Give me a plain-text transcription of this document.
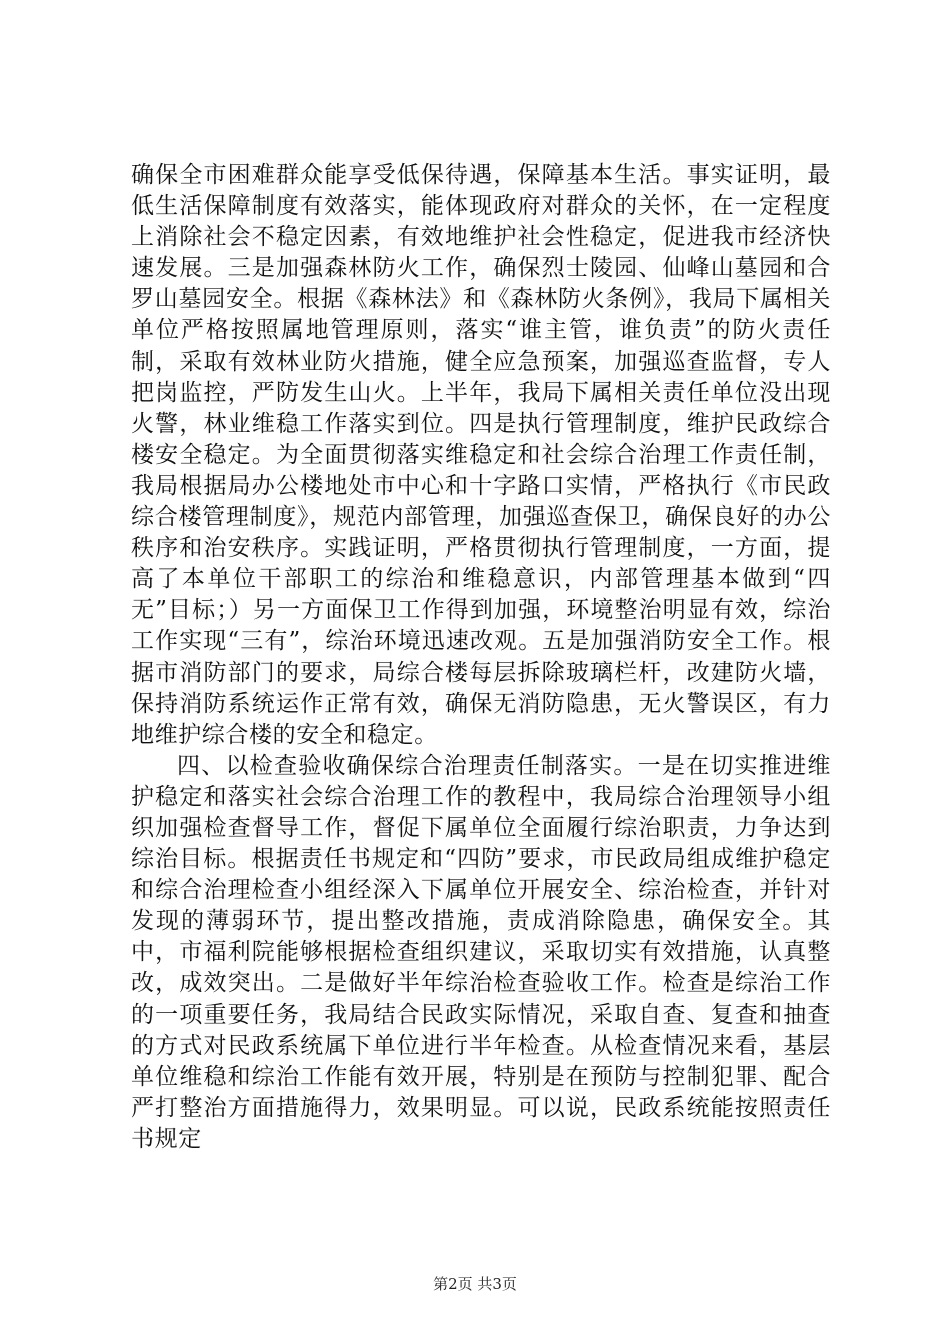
确保全市困难群众能享受低保待遇，保障基本生活。事实证明，最低生活保障制度有效落实，能体现政府对群众的关怀，在一定程度上消除社会不稳定因素，有效地维护社会性稳定，促进我市经济快速发展。三是加强森林防火工作，确保烈士陵园、仙峰山墓园和合罗山墓园安全。根据《森林法》和《森林防火条例》，我局下属相关单位严格按照属地管理原则，落实“谁主管，谁负责”的防火责任制，采取有效林业防火措施，健全应急预案，加强巡查监督，专人把岗监控，严防发生山火。上半年，我局下属相关责任单位没出现火警，林业维稳工作落实到位。四是执行管理制度，维护民政综合楼安全稳定。为全面贯彻落实维稳定和社会综合治理工作责任制，我局根据局办公楼地处市中心和十字路口实情，严格执行《市民政综合楼管理制度》，规范内部管理，加强巡查保卫，确保良好的办公秩序和治安秩序。实践证明，严格贯彻执行管理制度，一方面，提高了本单位干部职工的综治和维稳意识，内部管理基本做到“四无”目标；）另一方面保卫工作得到加强，环境整治明显有效，综治工作实现“三有”，综治环境迅速改观。五是加强消防安全工作。根据市消防部门的要求，局综合楼每层拆除玻璃栏杆，改建防火墙，保持消防系统运作正常有效，确保无消防隐患，无火警误区，有力地维护综合楼的安全和稳定。

四、以检查验收确保综合治理责任制落实。一是在切实推进维护稳定和落实社会综合治理工作的教程中，我局综合治理领导小组织加强检查督导工作，督促下属单位全面履行综治职责，力争达到综治目标。根据责任书规定和“四防”要求，市民政局组成维护稳定和综合治理检查小组经深入下属单位开展安全、综治检查，并针对发现的薄弱环节，提出整改措施，责成消除隐患，确保安全。其中，市福利院能够根据检查组织建议，采取切实有效措施，认真整改，成效突出。二是做好半年综治检查验收工作。检查是综治工作的一项重要任务，我局结合民政实际情况，采取自查、复查和抽查的方式对民政系统属下单位进行半年检查。从检查情况来看，基层单位维稳和综治工作能有效开展，特别是在预防与控制犯罪、配合严打整治方面措施得力，效果明显。可以说，民政系统能按照责任书规定

第2页 共3页
